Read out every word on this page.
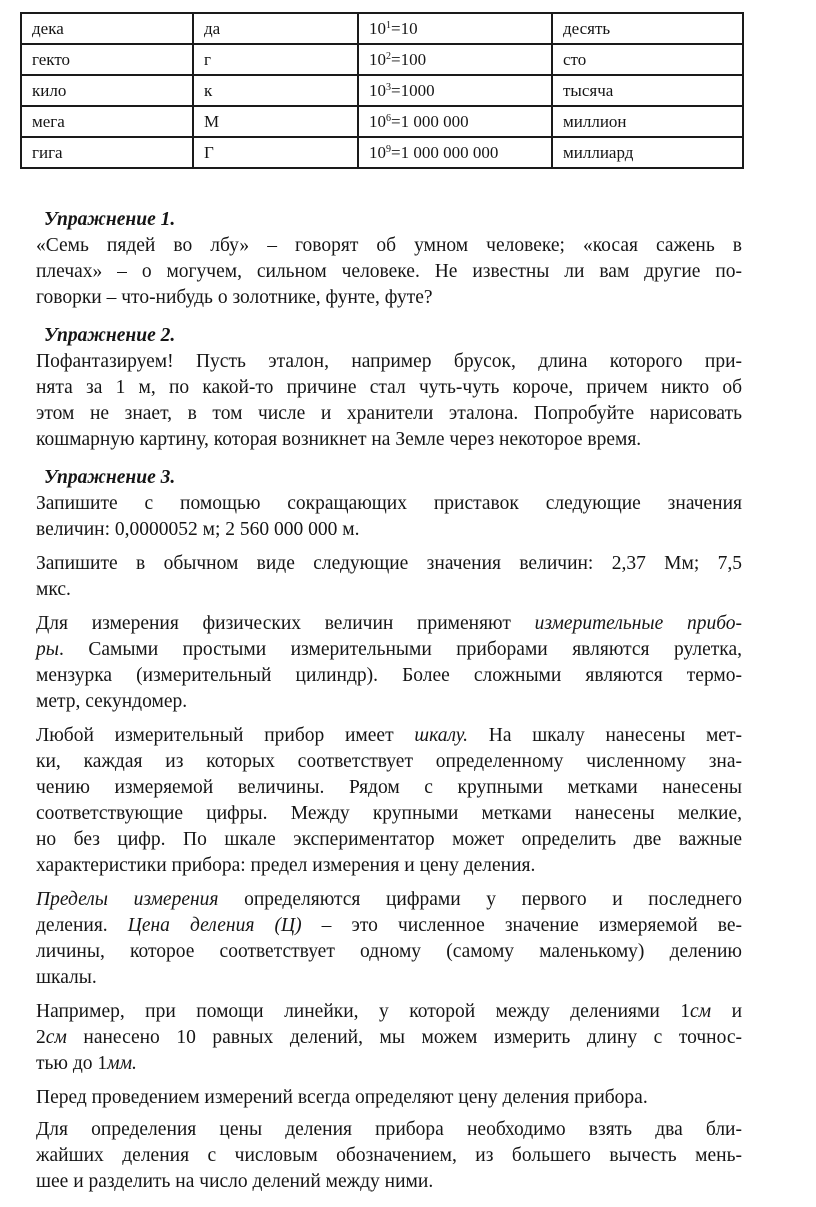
дека	да	$10^1=10$	десять
гекто	г	$10^2=100$	сто
кило	к	$10^3=1000$	тысяча
мега	М	$10^6=1$ 000 000	миллион
гига	Г	$10^9=1$ 000 000 000	миллиард

Упражнение 1.

«Семь пядей во лбу» – говорят об умном человеке; «косая сажень в
плечах» – о могучем, сильном человеке. Не известны ли вам другие по-
говорки – что-нибудь о золотнике, фунте, футе?

Упражнение 2.

Пофантазируем! Пусть эталон, например брусок, длина которого при-
нята за 1 м, по какой-то причине стал чуть-чуть короче, причем никто об
этом не знает, в том числе и хранители эталона. Попробуйте нарисовать
кошмарную картину, которая возникнет на Земле через некоторое время.

Упражнение 3.

Запишите с помощью сокращающих приставок следующие значения
величин: 0,0000052 м; 2 560 000 000 м.
Запишите в обычном виде следующие значения величин: 2,37 Мм; 7,5
мкс.
Для измерения физических величин применяют измерительные прибо-
ры. Самыми простыми измерительными приборами являются рулетка,
мензурка (измерительный цилиндр). Более сложными являются термо-
метр, секундомер.
Любой измерительный прибор имеет шкалу. На шкалу нанесены мет-
ки, каждая из которых соответствует определенному численному зна-
чению измеряемой величины. Рядом с крупными метками нанесены
соответствующие цифры. Между крупными метками нанесены мелкие,
но без цифр. По шкале экспериментатор может определить две важные
характеристики прибора: предел измерения и цену деления.
Пределы измерения определяются цифрами у первого и последнего
деления. Цена деления (Ц) – это численное значение измеряемой ве-
личины, которое соответствует одному (самому маленькому) делению
шкалы.
Например, при помощи линейки, у которой между делениями 1см и
2см нанесено 10 равных делений, мы можем измерить длину с точнос-
тью до 1мм.
Перед проведением измерений всегда определяют цену деления прибора.
Для определения цены деления прибора необходимо взять два бли-
жайших деления с числовым обозначением, из большего вычесть мень-
шее и разделить на число делений между ними.
